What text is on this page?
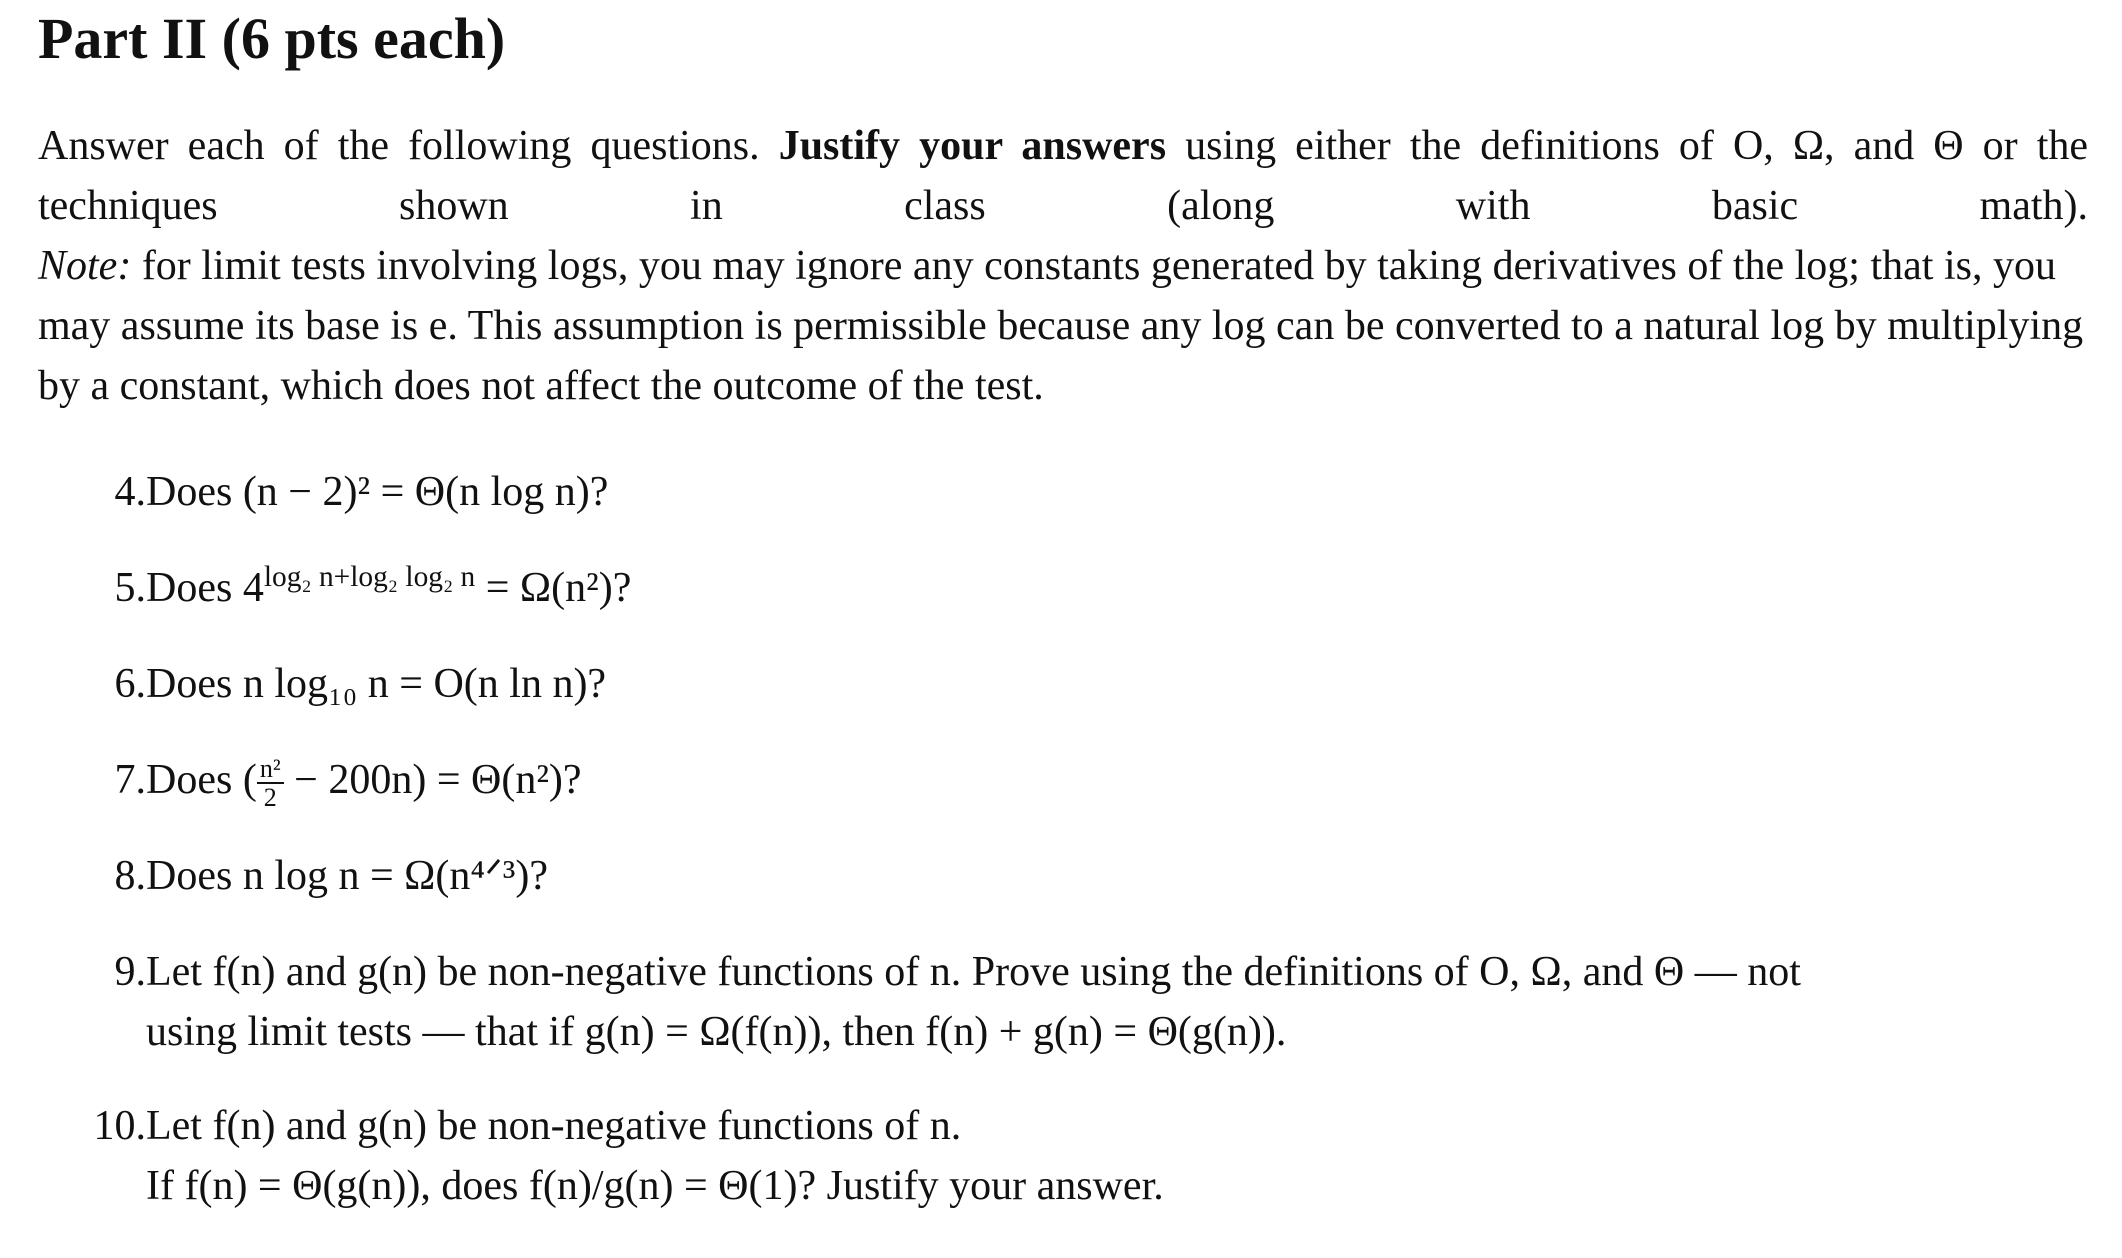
Part II (6 pts each)

Answer each of the following questions. Justify your answers using either the definitions of O, Ω, and Θ or the techniques shown in class (along with basic math).

Note: for limit tests involving logs, you may ignore any constants generated by taking derivatives of the log; that is, you may assume its base is e. This assumption is permissible because any log can be converted to a natural log by multiplying by a constant, which does not affect the outcome of the test.

4. Does (n − 2)² = Θ(n log n)?
5. Does $4^{log_2 n+log_2 log_2 n} = \Omega(n^2)$?
6. Does n log₁₀ n = O(n ln n)?
7. Does ( $\frac{\text{n²}}{2} - 200n) = \Theta(n^2)$?
8. Does n log n = Ω(n⁴ᐟ³)?
9. Let f(n) and g(n) be non-negative functions of n. Prove using the definitions of O, Ω, and Θ — not
using limit tests — that if g(n) = Ω(f(n)), then f(n) + g(n) = Θ(g(n)).
10. Let f(n) and g(n) be non-negative functions of n.
If f(n) = Θ(g(n)), does f(n)/g(n) = Θ(1)? Justify your answer.
